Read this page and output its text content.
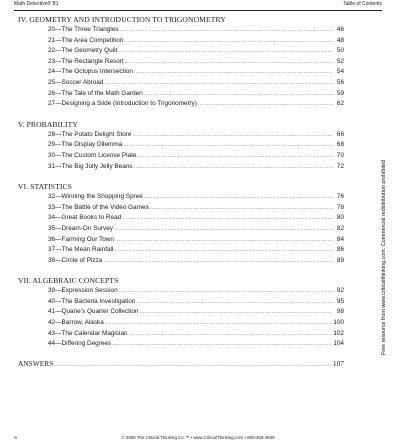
Math Detective® B1	Table of Contents
IV. GEOMETRY AND INTRODUCTION TO TRIGONOMETRY
20—The Three Triangles .....	46
21—The Area Competition .....	48
22—The Geometry Quilt .....	50
23—The Rectangle Resort .....	52
24—The Octopus Intersection .....	54
25—Soccer Abroad .....	56
26—The Tale of the Math Garden .....	59
27—Designing a Slide (Introduction to Trigonometry) .....	62
V. PROBABILITY
28—The Potato Delight Store .....	66
29—The Display Dilemma .....	68
30—The Custom License Plate .....	70
31—The Big Jolly Jelly Beans .....	72
VI. STATISTICS
32—Winning the Shopping Spree .....	76
33—The Battle of the Video Games .....	78
34—Great Books to Read .....	80
35—Dream-On Survey .....	82
36—Farming Our Town .....	84
37—The Mean Rainfall .....	86
38—Circle of Pizza .....	89
VII. ALGEBRAIC CONCEPTS
39—Expression Session .....	92
40—The Bacteria Investigation .....	95
41—Quane’s Quarter Collection .....	98
42—Barrow, Alaska .....	100
43—The Calendar Magician .....	102
44—Differing Degrees .....	104
ANSWERS .....	107
Free resource from www.criticalthinking.com. Commercial redistribution prohibited
iv	© 2008 The Critical Thinking Co.™ • www.CriticalThinking.com • 800-458-4849
